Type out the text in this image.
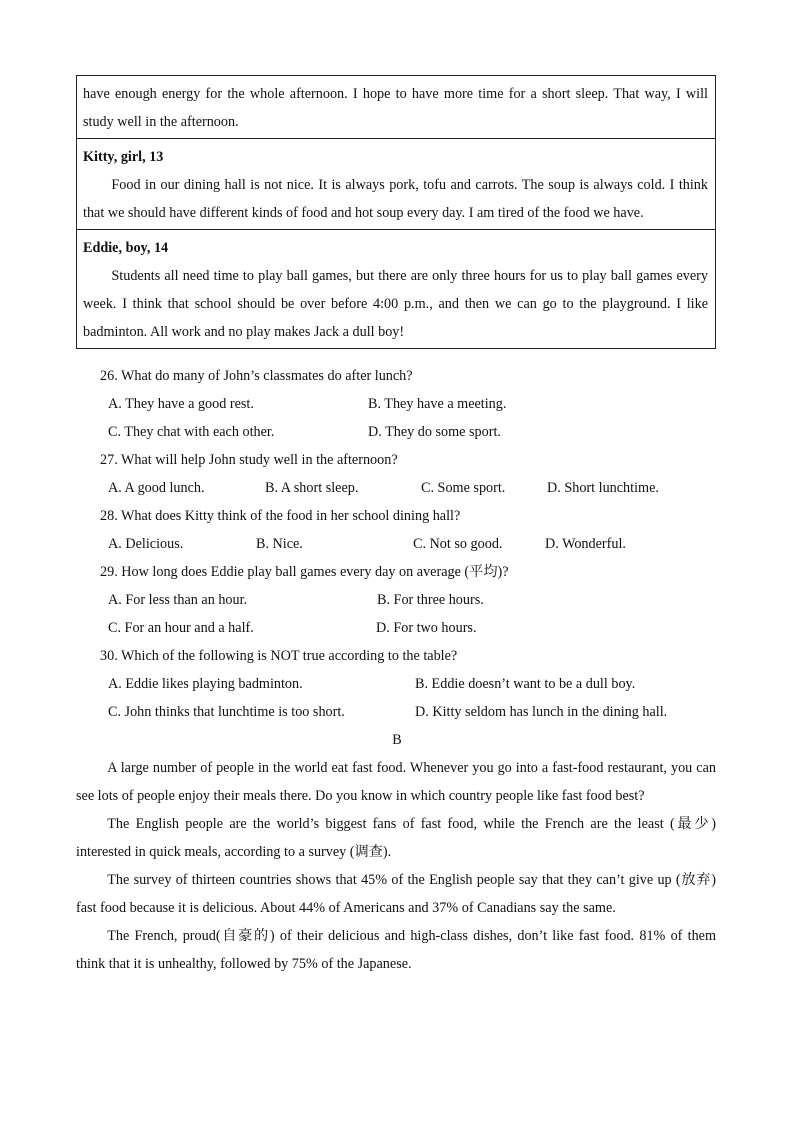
have enough energy for the whole afternoon. I hope to have more time for a short sleep. That way, I will study well in the afternoon.

Kitty, girl, 13
Food in our dining hall is not nice. It is always pork, tofu and carrots. The soup is always cold. I think that we should have different kinds of food and hot soup every day. I am tired of the food we have.

Eddie, boy, 14
Students all need time to play ball games, but there are only three hours for us to play ball games every week. I think that school should be over before 4:00 p.m., and then we can go to the playground. I like badminton. All work and no play makes Jack a dull boy!

26. What do many of John’s classmates do after lunch?

A. They have a good rest.	B. They have a meeting.
C. They chat with each other.	D. They do some sport.

27. What will help John study well in the afternoon?

A. A good lunch.	B. A short sleep.	C. Some sport.	D. Short lunchtime.

28. What does Kitty think of the food in her school dining hall?

A. Delicious.	B. Nice.	C. Not so good.	D. Wonderful.

29. How long does Eddie play ball games every day on average (平均)?

A. For less than an hour.	B. For three hours.
C. For an hour and a half.	D. For two hours.

30. Which of the following is NOT true according to the table?

A. Eddie likes playing badminton.	B. Eddie doesn’t want to be a dull boy.
C. John thinks that lunchtime is too short.	D. Kitty seldom has lunch in the dining hall.
B

A large number of people in the world eat fast food. Whenever you go into a fast-food restaurant, you can see lots of people enjoy their meals there. Do you know in which country people like fast food best?

The English people are the world’s biggest fans of fast food, while the French are the least (最少) interested in quick meals, according to a survey (调查).

The survey of thirteen countries shows that 45% of the English people say that they can’t give up (放弃) fast food because it is delicious. About 44% of Americans and 37% of Canadians say the same.

The French, proud(自豪的) of their delicious and high-class dishes, don’t like fast food. 81% of them think that it is unhealthy, followed by 75% of the Japanese.
